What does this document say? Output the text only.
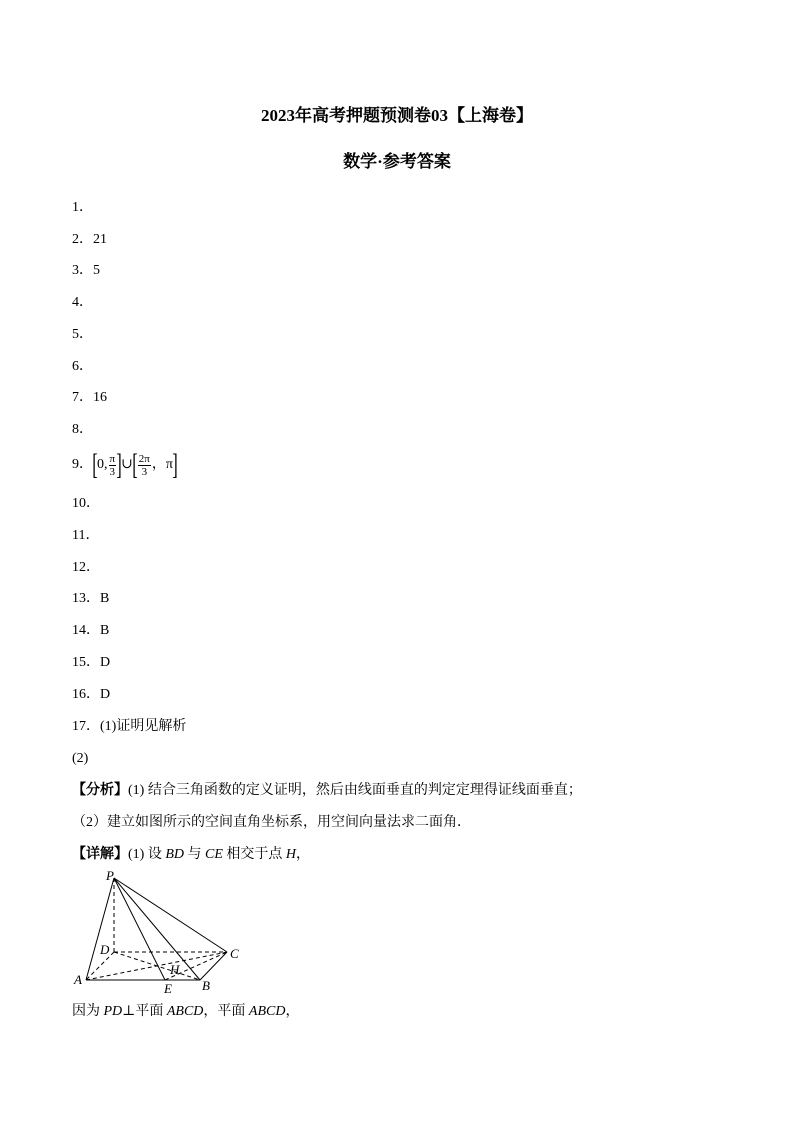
2023年高考押题预测卷03【上海卷】
数学·参考答案
1．
2．21
3．5
4．
5．
6．
7．16
8．
9． [ 0, $\frac{\pi}{3}$ ] ∪ [ $\frac{2\pi}{3}$ ， π ]
10．
11．
12．
13．B
14．B
15．D
16．D
17．(1)证明见解析
(2)
【分析】(1) 结合三角函数的定义证明，然后由线面垂直的判定定理得证线面垂直；
（2）建立如图所示的空间直角坐标系，用空间向量法求二面角．
【详解】(1) 设 BD 与 CE 相交于点 H，
P
D	C
A
H
E B
因为 PD⊥平面 ABCD，平面 ABCD，
